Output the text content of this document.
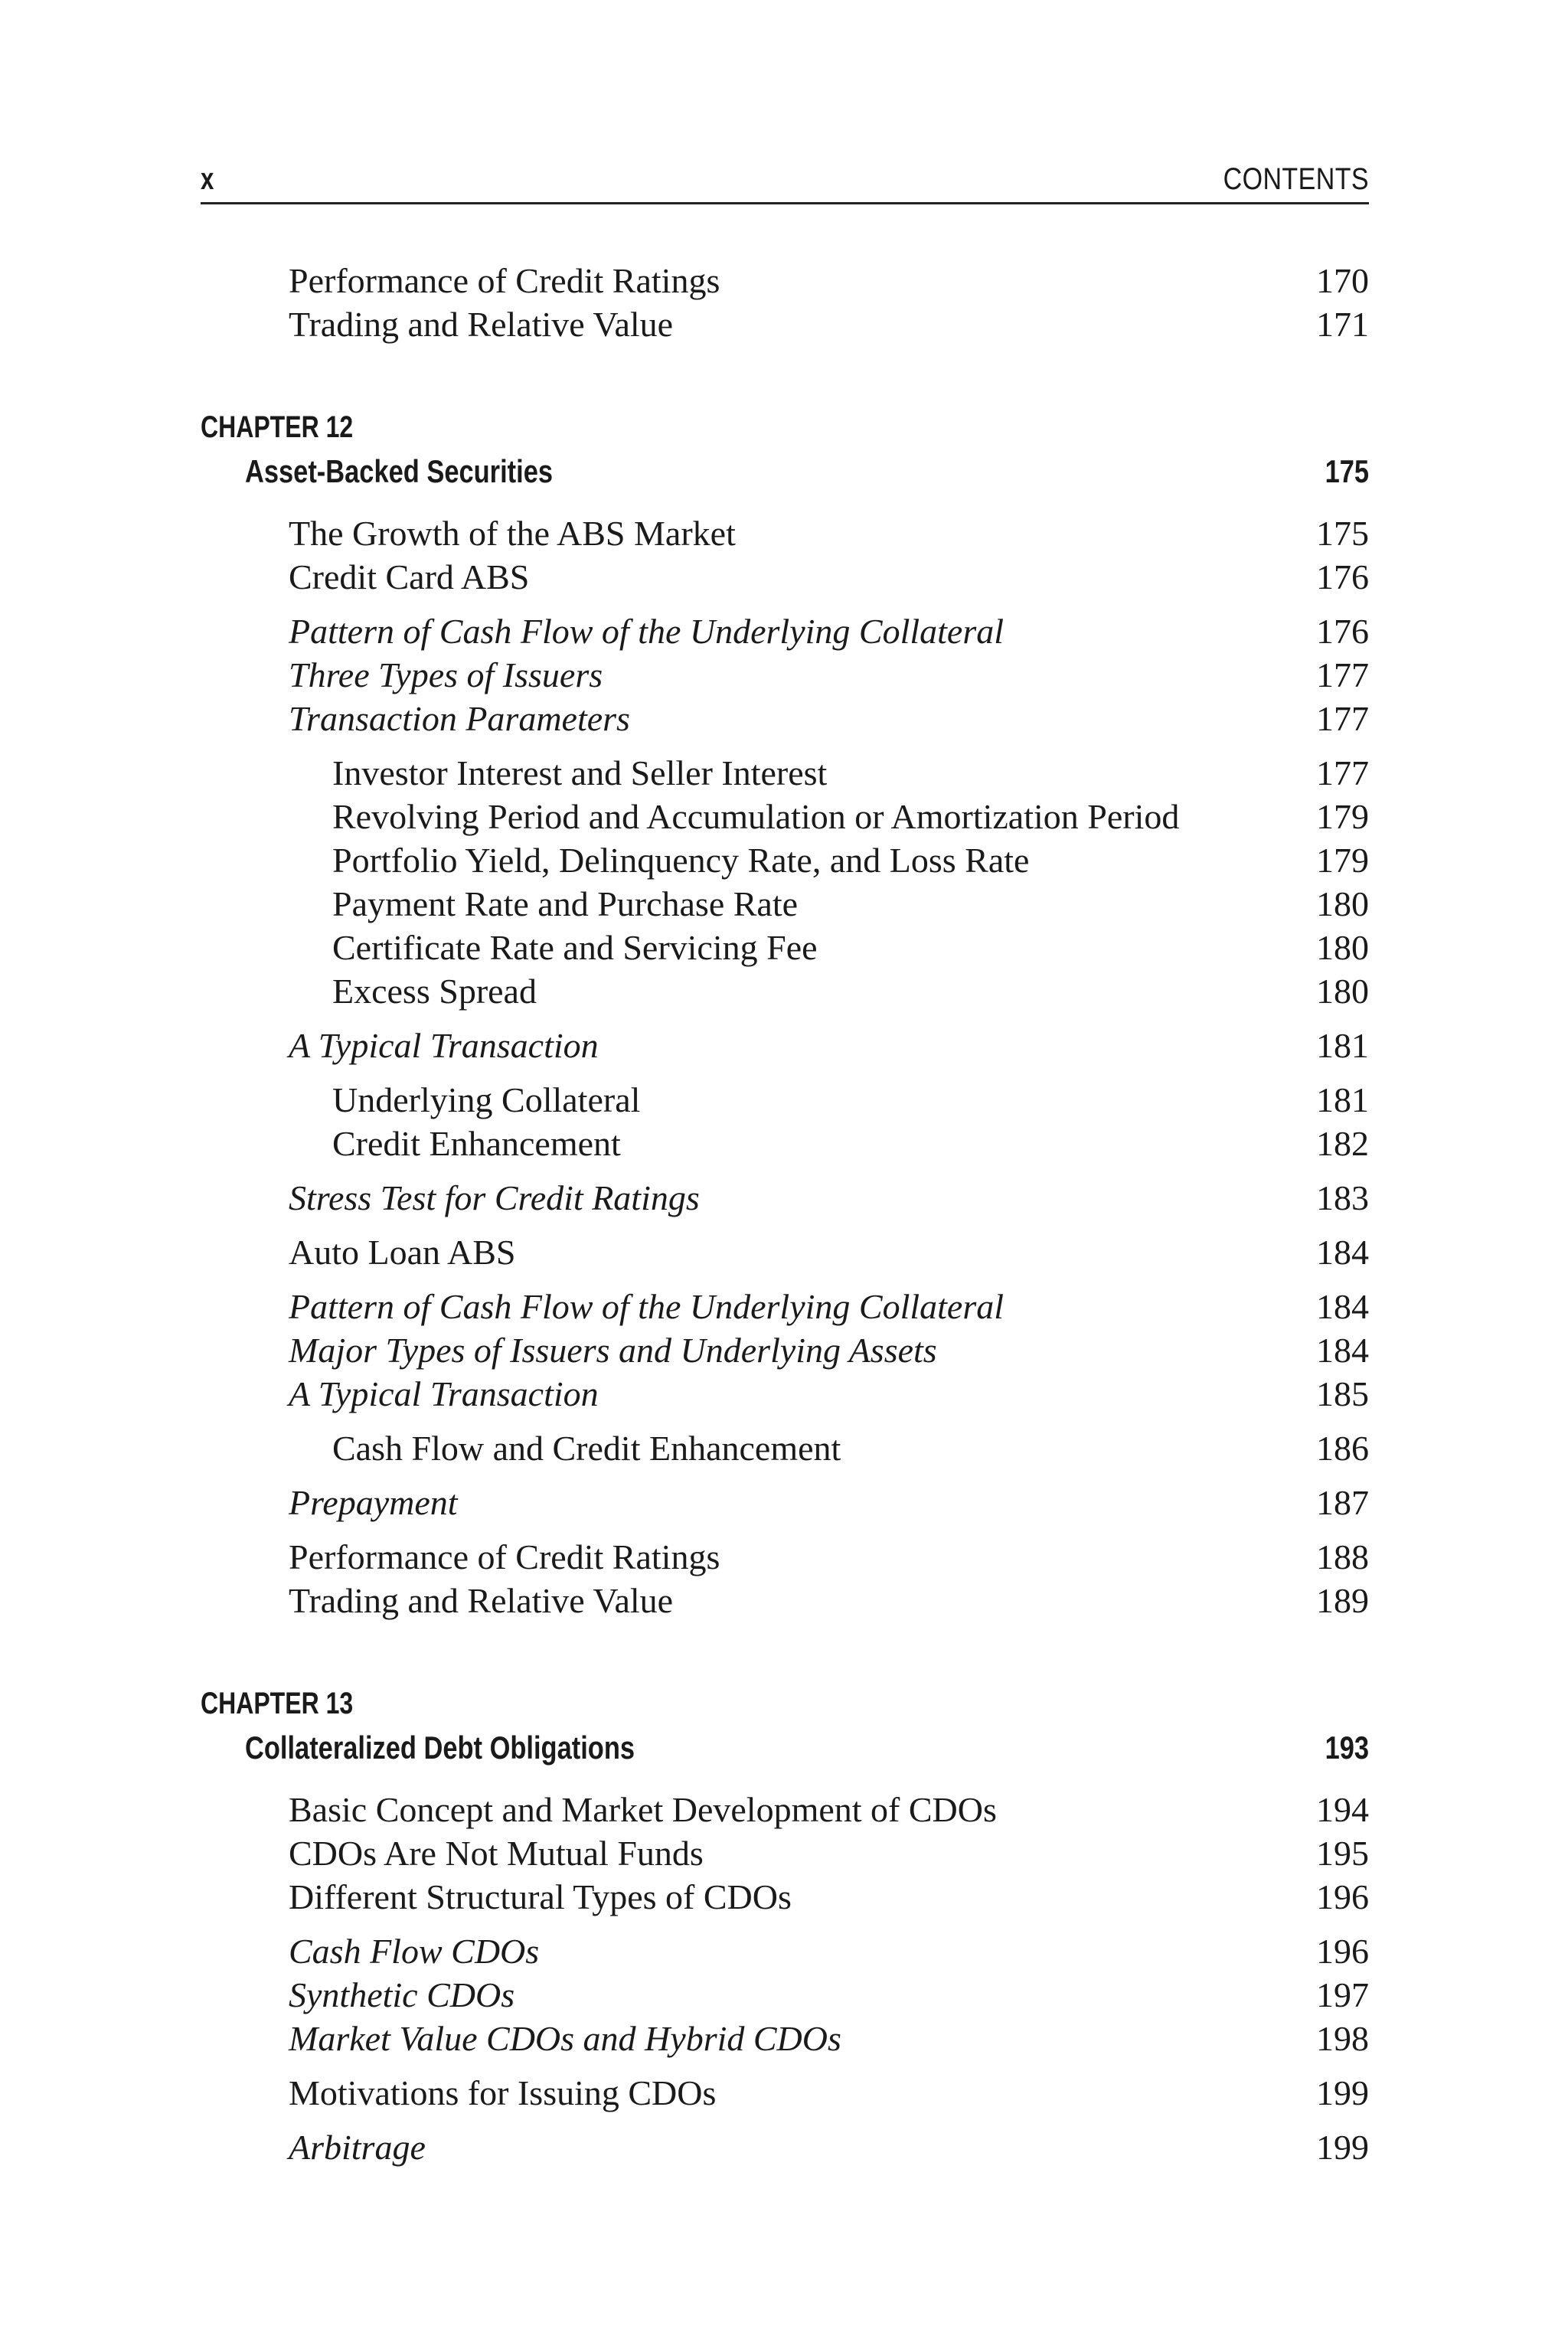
x	CONTENTS
Performance of Credit Ratings	170
Trading and Relative Value	171
CHAPTER 12
Asset-Backed Securities	175
The Growth of the ABS Market	175
Credit Card ABS	176
Pattern of Cash Flow of the Underlying Collateral	176
Three Types of Issuers	177
Transaction Parameters	177
Investor Interest and Seller Interest	177
Revolving Period and Accumulation or Amortization Period	179
Portfolio Yield, Delinquency Rate, and Loss Rate	179
Payment Rate and Purchase Rate	180
Certificate Rate and Servicing Fee	180
Excess Spread	180
A Typical Transaction	181
Underlying Collateral	181
Credit Enhancement	182
Stress Test for Credit Ratings	183
Auto Loan ABS	184
Pattern of Cash Flow of the Underlying Collateral	184
Major Types of Issuers and Underlying Assets	184
A Typical Transaction	185
Cash Flow and Credit Enhancement	186
Prepayment	187
Performance of Credit Ratings	188
Trading and Relative Value	189
CHAPTER 13
Collateralized Debt Obligations	193
Basic Concept and Market Development of CDOs	194
CDOs Are Not Mutual Funds	195
Different Structural Types of CDOs	196
Cash Flow CDOs	196
Synthetic CDOs	197
Market Value CDOs and Hybrid CDOs	198
Motivations for Issuing CDOs	199
Arbitrage	199
